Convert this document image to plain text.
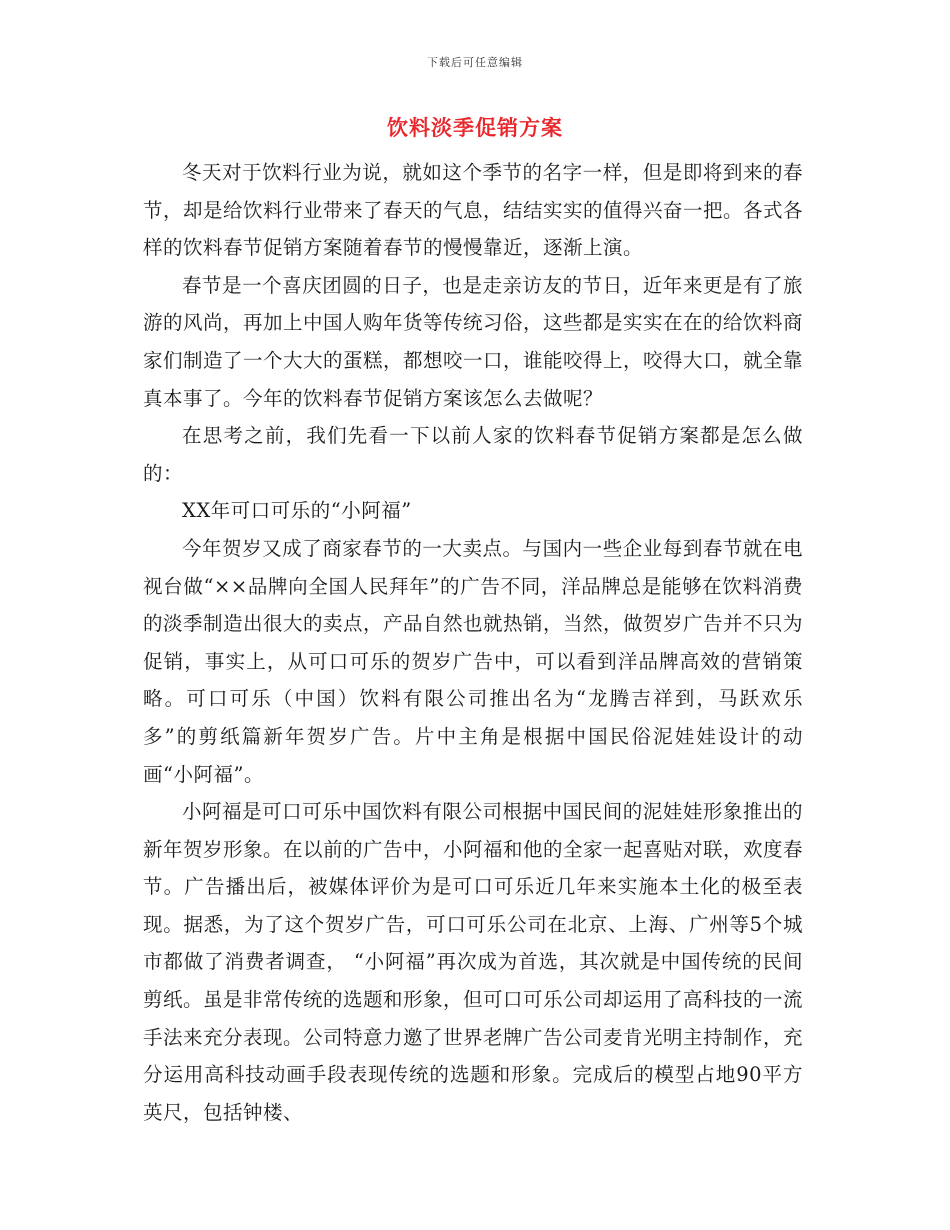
下载后可任意编辑
饮料淡季促销方案

冬天对于饮料行业为说，就如这个季节的名字一样，但是即将到来的春节，却是给饮料行业带来了春天的气息，结结实实的值得兴奋一把。各式各样的饮料春节促销方案随着春节的慢慢靠近，逐渐上演。

春节是一个喜庆团圆的日子，也是走亲访友的节日，近年来更是有了旅游的风尚，再加上中国人购年货等传统习俗，这些都是实实在在的给饮料商家们制造了一个大大的蛋糕，都想咬一口，谁能咬得上，咬得大口，就全靠真本事了。今年的饮料春节促销方案该怎么去做呢？

在思考之前，我们先看一下以前人家的饮料春节促销方案都是怎么做的：

XX年可口可乐的“小阿福”

今年贺岁又成了商家春节的一大卖点。与国内一些企业每到春节就在电视台做“××品牌向全国人民拜年”的广告不同，洋品牌总是能够在饮料消费的淡季制造出很大的卖点，产品自然也就热销，当然，做贺岁广告并不只为促销，事实上，从可口可乐的贺岁广告中，可以看到洋品牌高效的营销策略。可口可乐（中国）饮料有限公司推出名为“龙腾吉祥到，马跃欢乐多”的剪纸篇新年贺岁广告。片中主角是根据中国民俗泥娃娃设计的动画“小阿福”。

小阿福是可口可乐中国饮料有限公司根据中国民间的泥娃娃形象推出的新年贺岁形象。在以前的广告中，小阿福和他的全家一起喜贴对联，欢度春节。广告播出后，被媒体评价为是可口可乐近几年来实施本土化的极至表现。据悉，为了这个贺岁广告，可口可乐公司在北京、上海、广州等5个城市都做了消费者调查， “小阿福”再次成为首选，其次就是中国传统的民间剪纸。虽是非常传统的选题和形象，但可口可乐公司却运用了高科技的一流手法来充分表现。公司特意力邀了世界老牌广告公司麦肯光明主持制作，充分运用高科技动画手段表现传统的选题和形象。完成后的模型占地90平方英尺，包括钟楼、
